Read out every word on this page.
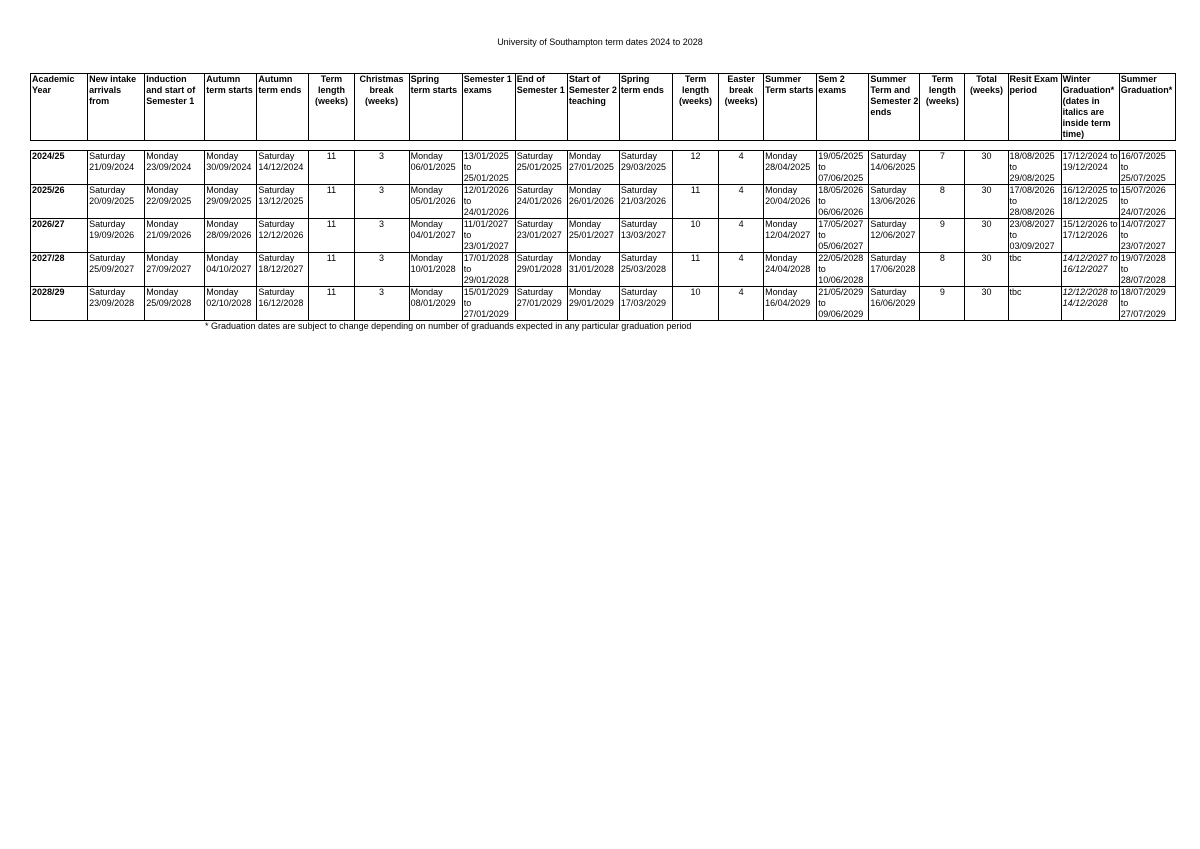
University of Southampton term dates 2024 to 2028
Academic Year	New intake arrivals from	Induction and start of Semester 1	Autumn term starts	Autumn term ends	Term length (weeks)	Christmas break (weeks)	Spring term starts	Semester 1 exams	End of Semester 1	Start of Semester 2 teaching	Spring term ends	Term length (weeks)	Easter break (weeks)	Summer Term starts	Sem 2 exams	Summer Term and Semester 2 ends	Term length (weeks)	Total (weeks)	Resit Exam period	Winter Graduation* (dates in italics are inside term time)	Summer Graduation*

2024/25	Saturday 21/09/2024	Monday 23/09/2024	Monday 30/09/2024	Saturday 14/12/2024	11	3	Monday 06/01/2025	13/01/2025 to 25/01/2025	Saturday 25/01/2025	Monday 27/01/2025	Saturday 29/03/2025	12	4	Monday 28/04/2025	19/05/2025 to 07/06/2025	Saturday 14/06/2025	7	30	18/08/2025 to 29/08/2025	17/12/2024 to 19/12/2024	16/07/2025 to 25/07/2025
2025/26	Saturday 20/09/2025	Monday 22/09/2025	Monday 29/09/2025	Saturday 13/12/2025	11	3	Monday 05/01/2026	12/01/2026 to 24/01/2026	Saturday 24/01/2026	Monday 26/01/2026	Saturday 21/03/2026	11	4	Monday 20/04/2026	18/05/2026 to 06/06/2026	Saturday 13/06/2026	8	30	17/08/2026 to 28/08/2026	16/12/2025 to 18/12/2025	15/07/2026 to 24/07/2026
2026/27	Saturday 19/09/2026	Monday 21/09/2026	Monday 28/09/2026	Saturday 12/12/2026	11	3	Monday 04/01/2027	11/01/2027 to 23/01/2027	Saturday 23/01/2027	Monday 25/01/2027	Saturday 13/03/2027	10	4	Monday 12/04/2027	17/05/2027 to 05/06/2027	Saturday 12/06/2027	9	30	23/08/2027 to 03/09/2027	15/12/2026 to 17/12/2026	14/07/2027 to 23/07/2027
2027/28	Saturday 25/09/2027	Monday 27/09/2027	Monday 04/10/2027	Saturday 18/12/2027	11	3	Monday 10/01/2028	17/01/2028 to 29/01/2028	Saturday 29/01/2028	Monday 31/01/2028	Saturday 25/03/2028	11	4	Monday 24/04/2028	22/05/2028 to 10/06/2028	Saturday 17/06/2028	8	30	tbc	14/12/2027 to 16/12/2027	19/07/2028 to 28/07/2028
2028/29	Saturday 23/09/2028	Monday 25/09/2028	Monday 02/10/2028	Saturday 16/12/2028	11	3	Monday 08/01/2029	15/01/2029 to 27/01/2029	Saturday 27/01/2029	Monday 29/01/2029	Saturday 17/03/2029	10	4	Monday 16/04/2029	21/05/2029 to 09/06/2029	Saturday 16/06/2029	9	30	tbc	12/12/2028 to 14/12/2028	18/07/2029 to 27/07/2029
* Graduation dates are subject to change depending on number of graduands expected in any particular graduation period
